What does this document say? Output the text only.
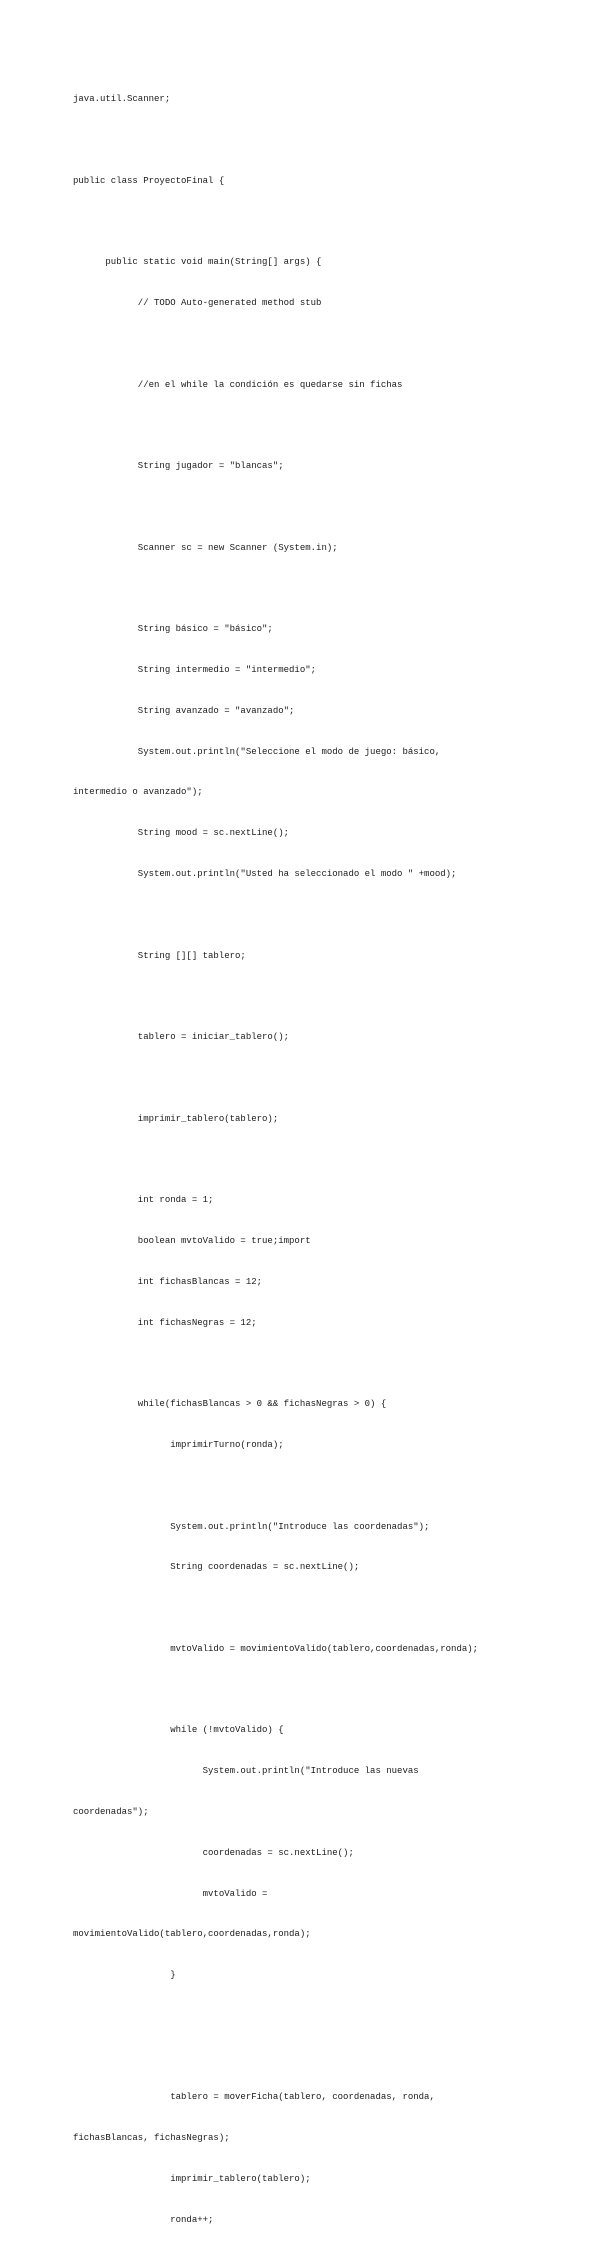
java.util.Scanner;

public class ProyectoFinal {

public static void main(String[] args) {

// TODO Auto-generated method stub

//en el while la condición es quedarse sin fichas

String jugador = "blancas";

Scanner sc = new Scanner (System.in);

String básico = "básico";

String intermedio = "intermedio";

String avanzado = "avanzado";

System.out.println("Seleccione el modo de juego: básico,

intermedio o avanzado");

String mood = sc.nextLine();

System.out.println("Usted ha seleccionado el modo " +mood);

String [][] tablero;

tablero = iniciar_tablero();

imprimir_tablero(tablero);

int ronda = 1;

boolean mvtoValido = true;import

int fichasBlancas = 12;

int fichasNegras = 12;

while(fichasBlancas > 0 && fichasNegras > 0) {

imprimirTurno(ronda);

System.out.println("Introduce las coordenadas");

String coordenadas = sc.nextLine();

mvtoValido = movimientoValido(tablero,coordenadas,ronda);

while (!mvtoValido) {

System.out.println("Introduce las nuevas

coordenadas");

coordenadas = sc.nextLine();

mvtoValido =

movimientoValido(tablero,coordenadas,ronda);

}

tablero = moverFicha(tablero, coordenadas, ronda,

fichasBlancas, fichasNegras);

imprimir_tablero(tablero);

ronda++;
